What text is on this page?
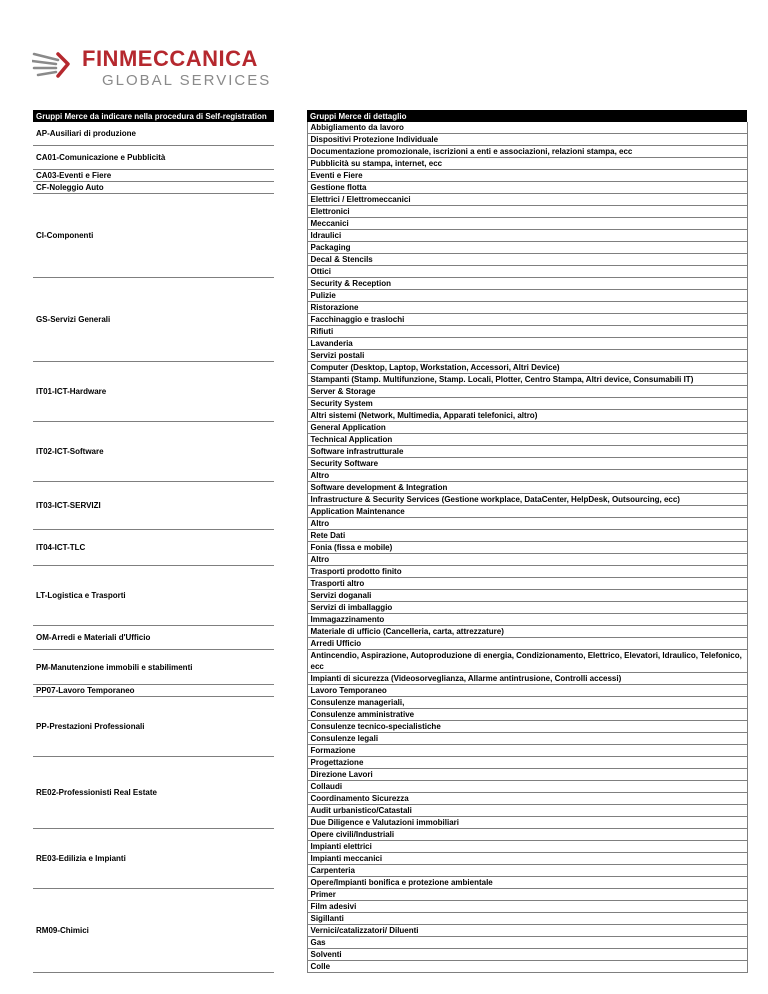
FINMECCANICA
GLOBAL SERVICES
Gruppi Merce da indicare nella procedura di Self-registration		Gruppi Merce di dettaglio
AP-Ausiliari di produzione		Abbigliamento da lavoro
		Dispositivi Protezione Individuale
CA01-Comunicazione e Pubblicità		Documentazione promozionale, iscrizioni a enti e associazioni, relazioni stampa, ecc
		Pubblicità su stampa, internet, ecc
CA03-Eventi e Fiere		Eventi e Fiere
CF-Noleggio Auto		Gestione flotta
CI-Componenti		Elettrici / Elettromeccanici
		Elettronici
		Meccanici
		Idraulici
		Packaging
		Decal & Stencils
		Ottici
GS-Servizi Generali		Security & Reception
		Pulizie
		Ristorazione
		Facchinaggio e traslochi
		Rifiuti
		Lavanderia
		Servizi postali
IT01-ICT-Hardware		Computer (Desktop, Laptop, Workstation, Accessori, Altri Device)
		Stampanti (Stamp. Multifunzione, Stamp. Locali, Plotter, Centro Stampa, Altri device, Consumabili IT)
		Server & Storage
		Security System
		Altri sistemi (Network, Multimedia, Apparati telefonici, altro)
IT02-ICT-Software		General Application
		Technical Application
		Software infrastrutturale
		Security Software
		Altro
IT03-ICT-SERVIZI		Software development & Integration
		Infrastructure & Security Services (Gestione workplace, DataCenter, HelpDesk, Outsourcing, ecc)
		Application Maintenance
		Altro
IT04-ICT-TLC		Rete Dati
		Fonia (fissa e mobile)
		Altro
LT-Logistica e Trasporti		Trasporti prodotto finito
		Trasporti altro
		Servizi doganali
		Servizi di imballaggio
		Immagazzinamento
OM-Arredi e Materiali d'Ufficio		Materiale di ufficio (Cancelleria, carta, attrezzature)
		Arredi Ufficio
PM-Manutenzione immobili e stabilimenti		Antincendio, Aspirazione, Autoproduzione di energia, Condizionamento, Elettrico, Elevatori, Idraulico, Telefonico, ecc
		Impianti di sicurezza (Videosorveglianza, Allarme antintrusione, Controlli accessi)
PP07-Lavoro Temporaneo		Lavoro Temporaneo
PP-Prestazioni Professionali		Consulenze manageriali,
		Consulenze amministrative
		Consulenze tecnico-specialistiche
		Consulenze legali
		Formazione
RE02-Professionisti Real Estate		Progettazione
		Direzione Lavori
		Collaudi
		Coordinamento Sicurezza
		Audit urbanistico/Catastali
		Due Diligence e Valutazioni immobiliari
RE03-Edilizia e Impianti		Opere civili/Industriali
		Impianti elettrici
		Impianti meccanici
		Carpenteria
		Opere/Impianti bonifica e protezione ambientale
RM09-Chimici		Primer
		Film adesivi
		Sigillanti
		Vernici/catalizzatori/ Diluenti
		Gas
		Solventi
		Colle
